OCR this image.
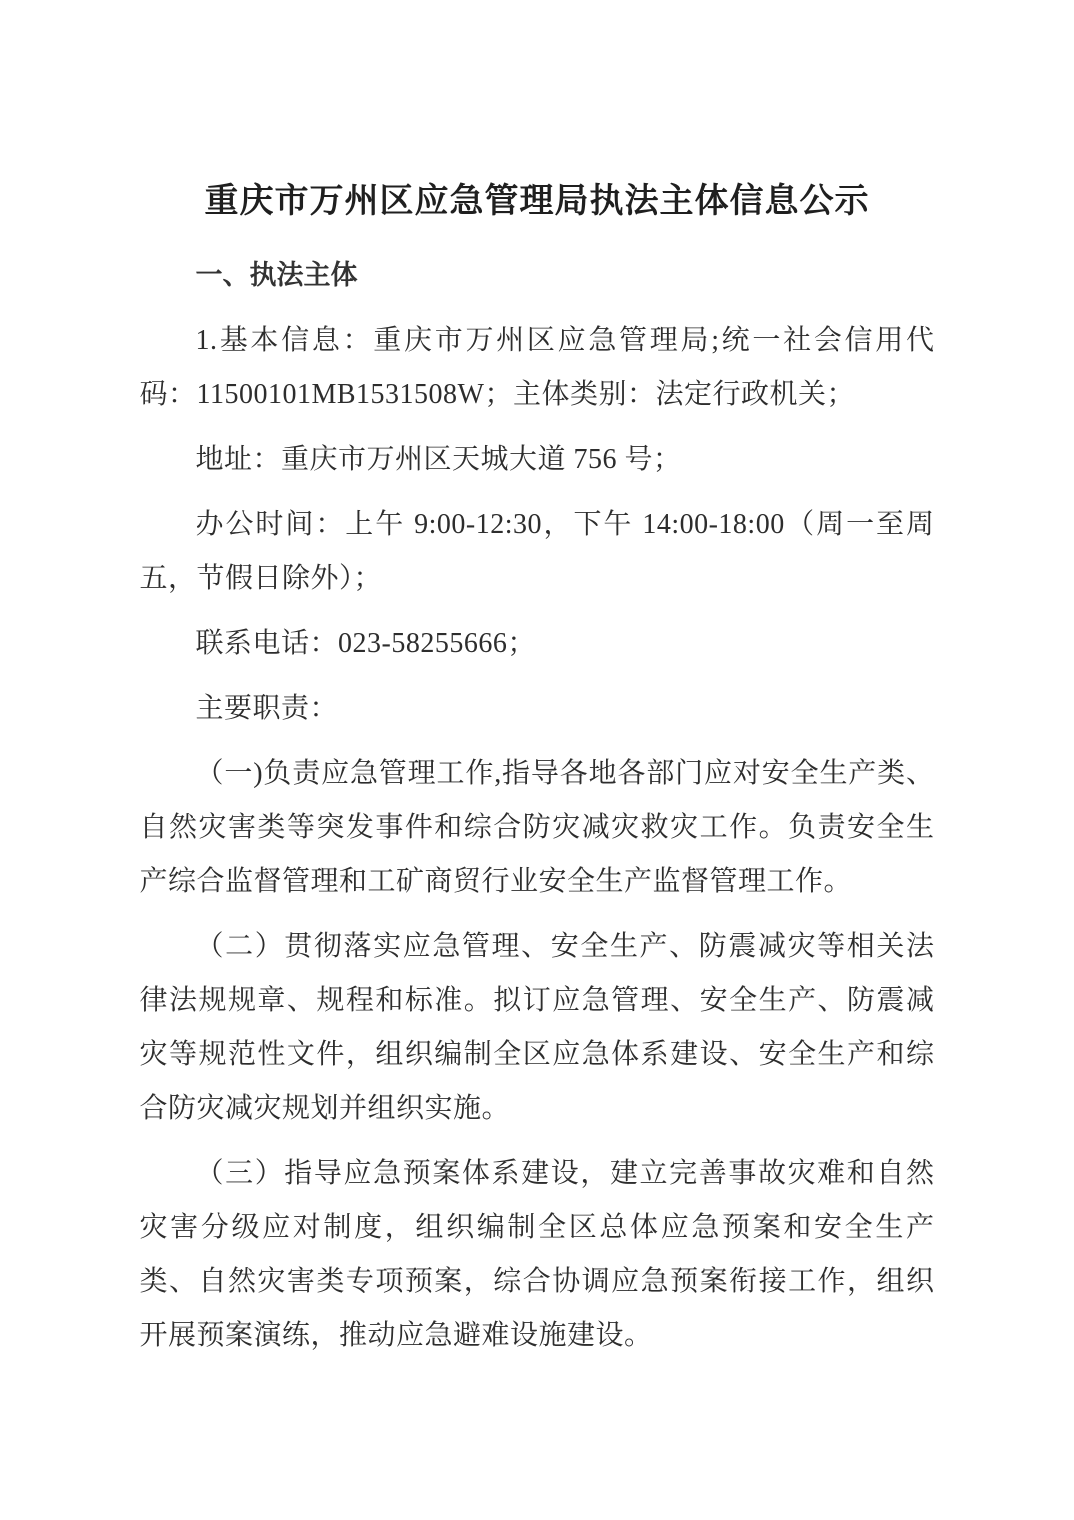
重庆市万州区应急管理局执法主体信息公示
一、执法主体

1.基本信息：重庆市万州区应急管理局;统一社会信用代码：11500101MB1531508W；主体类别：法定行政机关；

地址：重庆市万州区天城大道 756 号；

办公时间：上午 9:00-12:30，下午 14:00-18:00（周一至周五，节假日除外）；

联系电话：023-58255666；

主要职责：

（一)负责应急管理工作,指导各地各部门应对安全生产类、自然灾害类等突发事件和综合防灾减灾救灾工作。负责安全生产综合监督管理和工矿商贸行业安全生产监督管理工作。

（二）贯彻落实应急管理、安全生产、防震减灾等相关法律法规规章、规程和标准。拟订应急管理、安全生产、防震减灾等规范性文件，组织编制全区应急体系建设、安全生产和综合防灾减灾规划并组织实施。

（三）指导应急预案体系建设，建立完善事故灾难和自然灾害分级应对制度，组织编制全区总体应急预案和安全生产类、自然灾害类专项预案，综合协调应急预案衔接工作，组织开展预案演练，推动应急避难设施建设。
